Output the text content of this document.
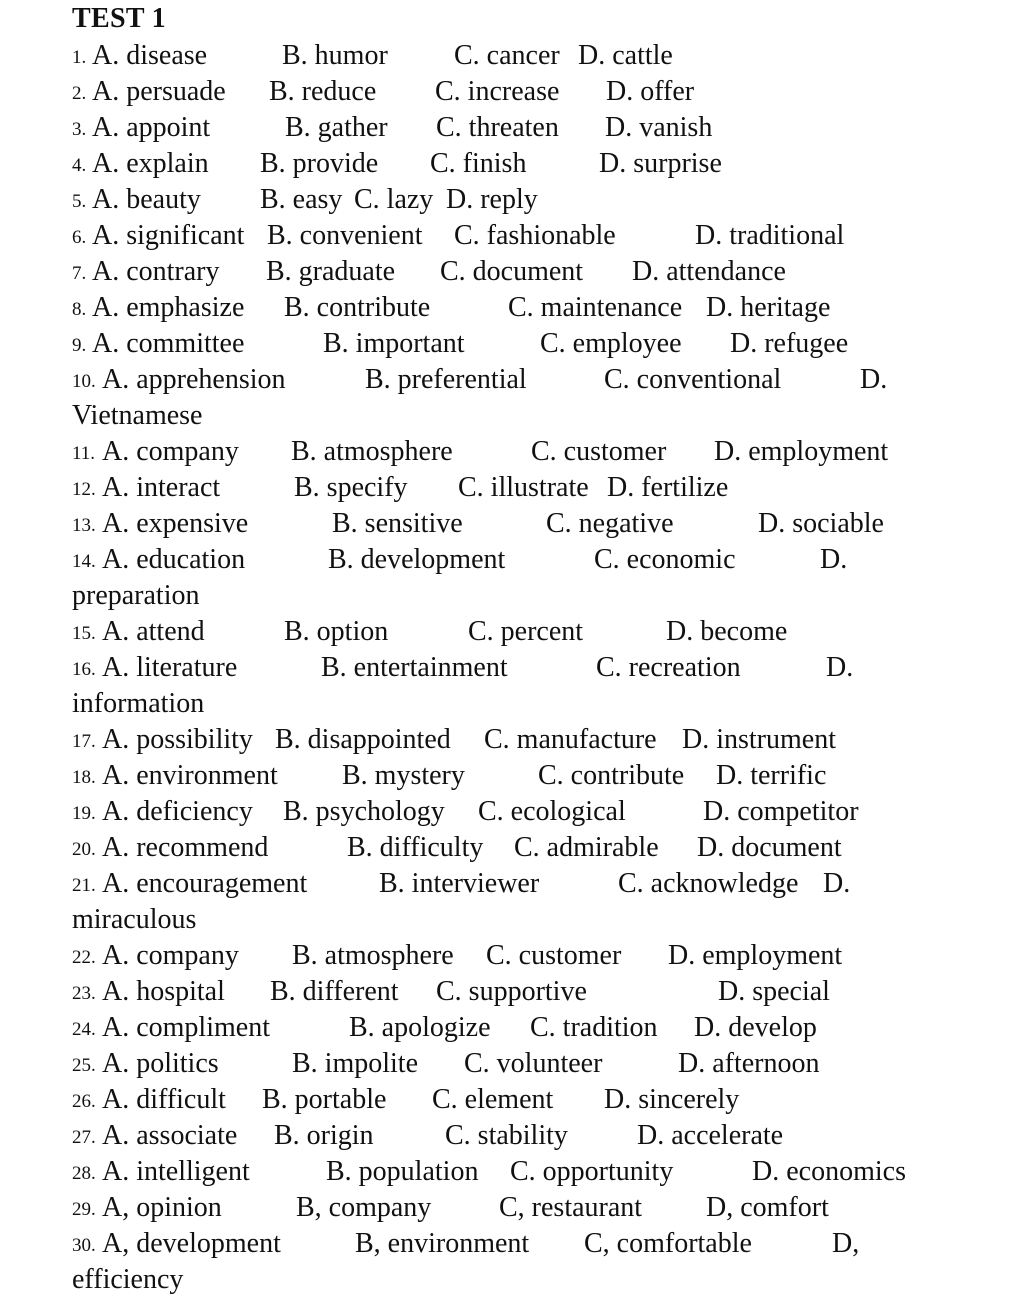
TEST 1
1. A. disease	B. humor C. cancer D. cattle
2. A. persuade B. reduce C. increase D. offer
3. A. appoint	B. gather C. threaten D. vanish
4. A. explain B. provide C. finish	D. surprise
5. A. beauty B. easy C. lazy D. reply
6. A. significant B. convenient C. fashionable	D. traditional
7. A. contrary B. graduate C. document D. attendance
8. A. emphasize B. contribute	C. maintenance D. heritage
9. A. committee	B. important	C. employee D. refugee
10. A. apprehension	B. preferential	C. conventional	D.
Vietnamese
11. A. company B. atmosphere	C. customer D. employment
12. A. interact	B. specify C. illustrate D. fertilize
13. A. expensive	B. sensitive	C. negative	D. sociable
14. A. education	B. development	C. economic	D.
preparation
15. A. attend	B. option	C. percent	D. become
16. A. literature	B. entertainment	C. recreation	D.
information
17. A. possibility B. disappointed C. manufacture D. instrument
18. A. environment B. mystery	C. contribute D. terrific
19. A. deficiency B. psychology C. ecological	D. competitor
20. A. recommend	B. difficulty C. admirable D. document
21. A. encouragement	B. interviewer	C. acknowledge D.
miraculous
22. A. company B. atmosphere C. customer D. employment
23. A. hospital B. different C. supportive	D. special
24. A. compliment	B. apologize C. tradition D. develop
25. A. politics	B. impolite C. volunteer	D. afternoon
26. A. difficult B. portable C. element D. sincerely
27. A. associate B. origin	C. stability D. accelerate
28. A. intelligent	B. population C. opportunity	D. economics
29. A, opinion	B, company C, restaurant D, comfort
30. A, development	B, environment C, comfortable	D,
efficiency
